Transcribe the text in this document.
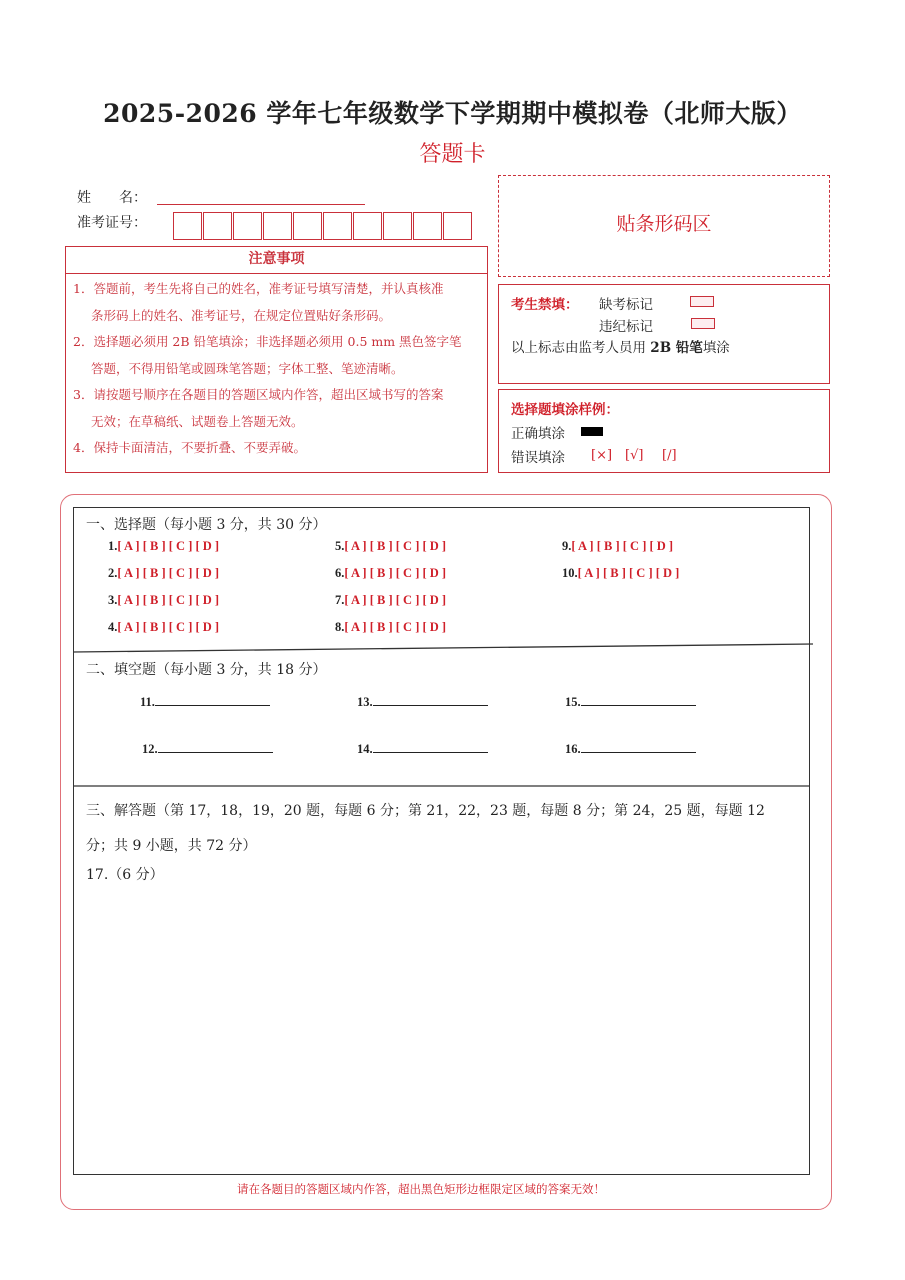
2025-2026 学年七年级数学下学期期中模拟卷（北师大版）
答题卡
姓　　名：
准考证号：
注意事项

1．答题前，考生先将自己的姓名，准考证号填写清楚，并认真核准

条形码上的姓名、准考证号，在规定位置贴好条形码。

2．选择题必须用 2B 铅笔填涂；非选择题必须用 0.5 mm 黑色签字笔

答题，不得用铅笔或圆珠笔答题；字体工整、笔迹清晰。

3．请按题号顺序在各题目的答题区域内作答，超出区域书写的答案

无效；在草稿纸、试题卷上答题无效。

4．保持卡面清洁，不要折叠、不要弄破。

贴条形码区
考生禁填： 缺考标记
违纪标记
以上标志由监考人员用 2B 铅笔填涂
选择题填涂样例：
正确填涂
错误填涂 [×] [√] [/]
一、选择题（每小题 3 分，共 30 分）
二、填空题（每小题 3 分，共 18 分）
三、解答题（第 17，18，19，20 题，每题 6 分；第 21，22，23 题，每题 8 分；第 24，25 题，每题 12
分；共 9 小题，共 72 分）
17.（6 分）
请在各题目的答题区域内作答，超出黑色矩形边框限定区域的答案无效！
1.[ A ] [ B ] [ C ] [ D ]
2.[ A ] [ B ] [ C ] [ D ]
3.[ A ] [ B ] [ C ] [ D ]
4.[ A ] [ B ] [ C ] [ D ]
5.[ A ] [ B ] [ C ] [ D ]
6.[ A ] [ B ] [ C ] [ D ]
7.[ A ] [ B ] [ C ] [ D ]
8.[ A ] [ B ] [ C ] [ D ]
9.[ A ] [ B ] [ C ] [ D ]
10.[ A ] [ B ] [ C ] [ D ]
11.
12.
13.
14.
15.
16.
